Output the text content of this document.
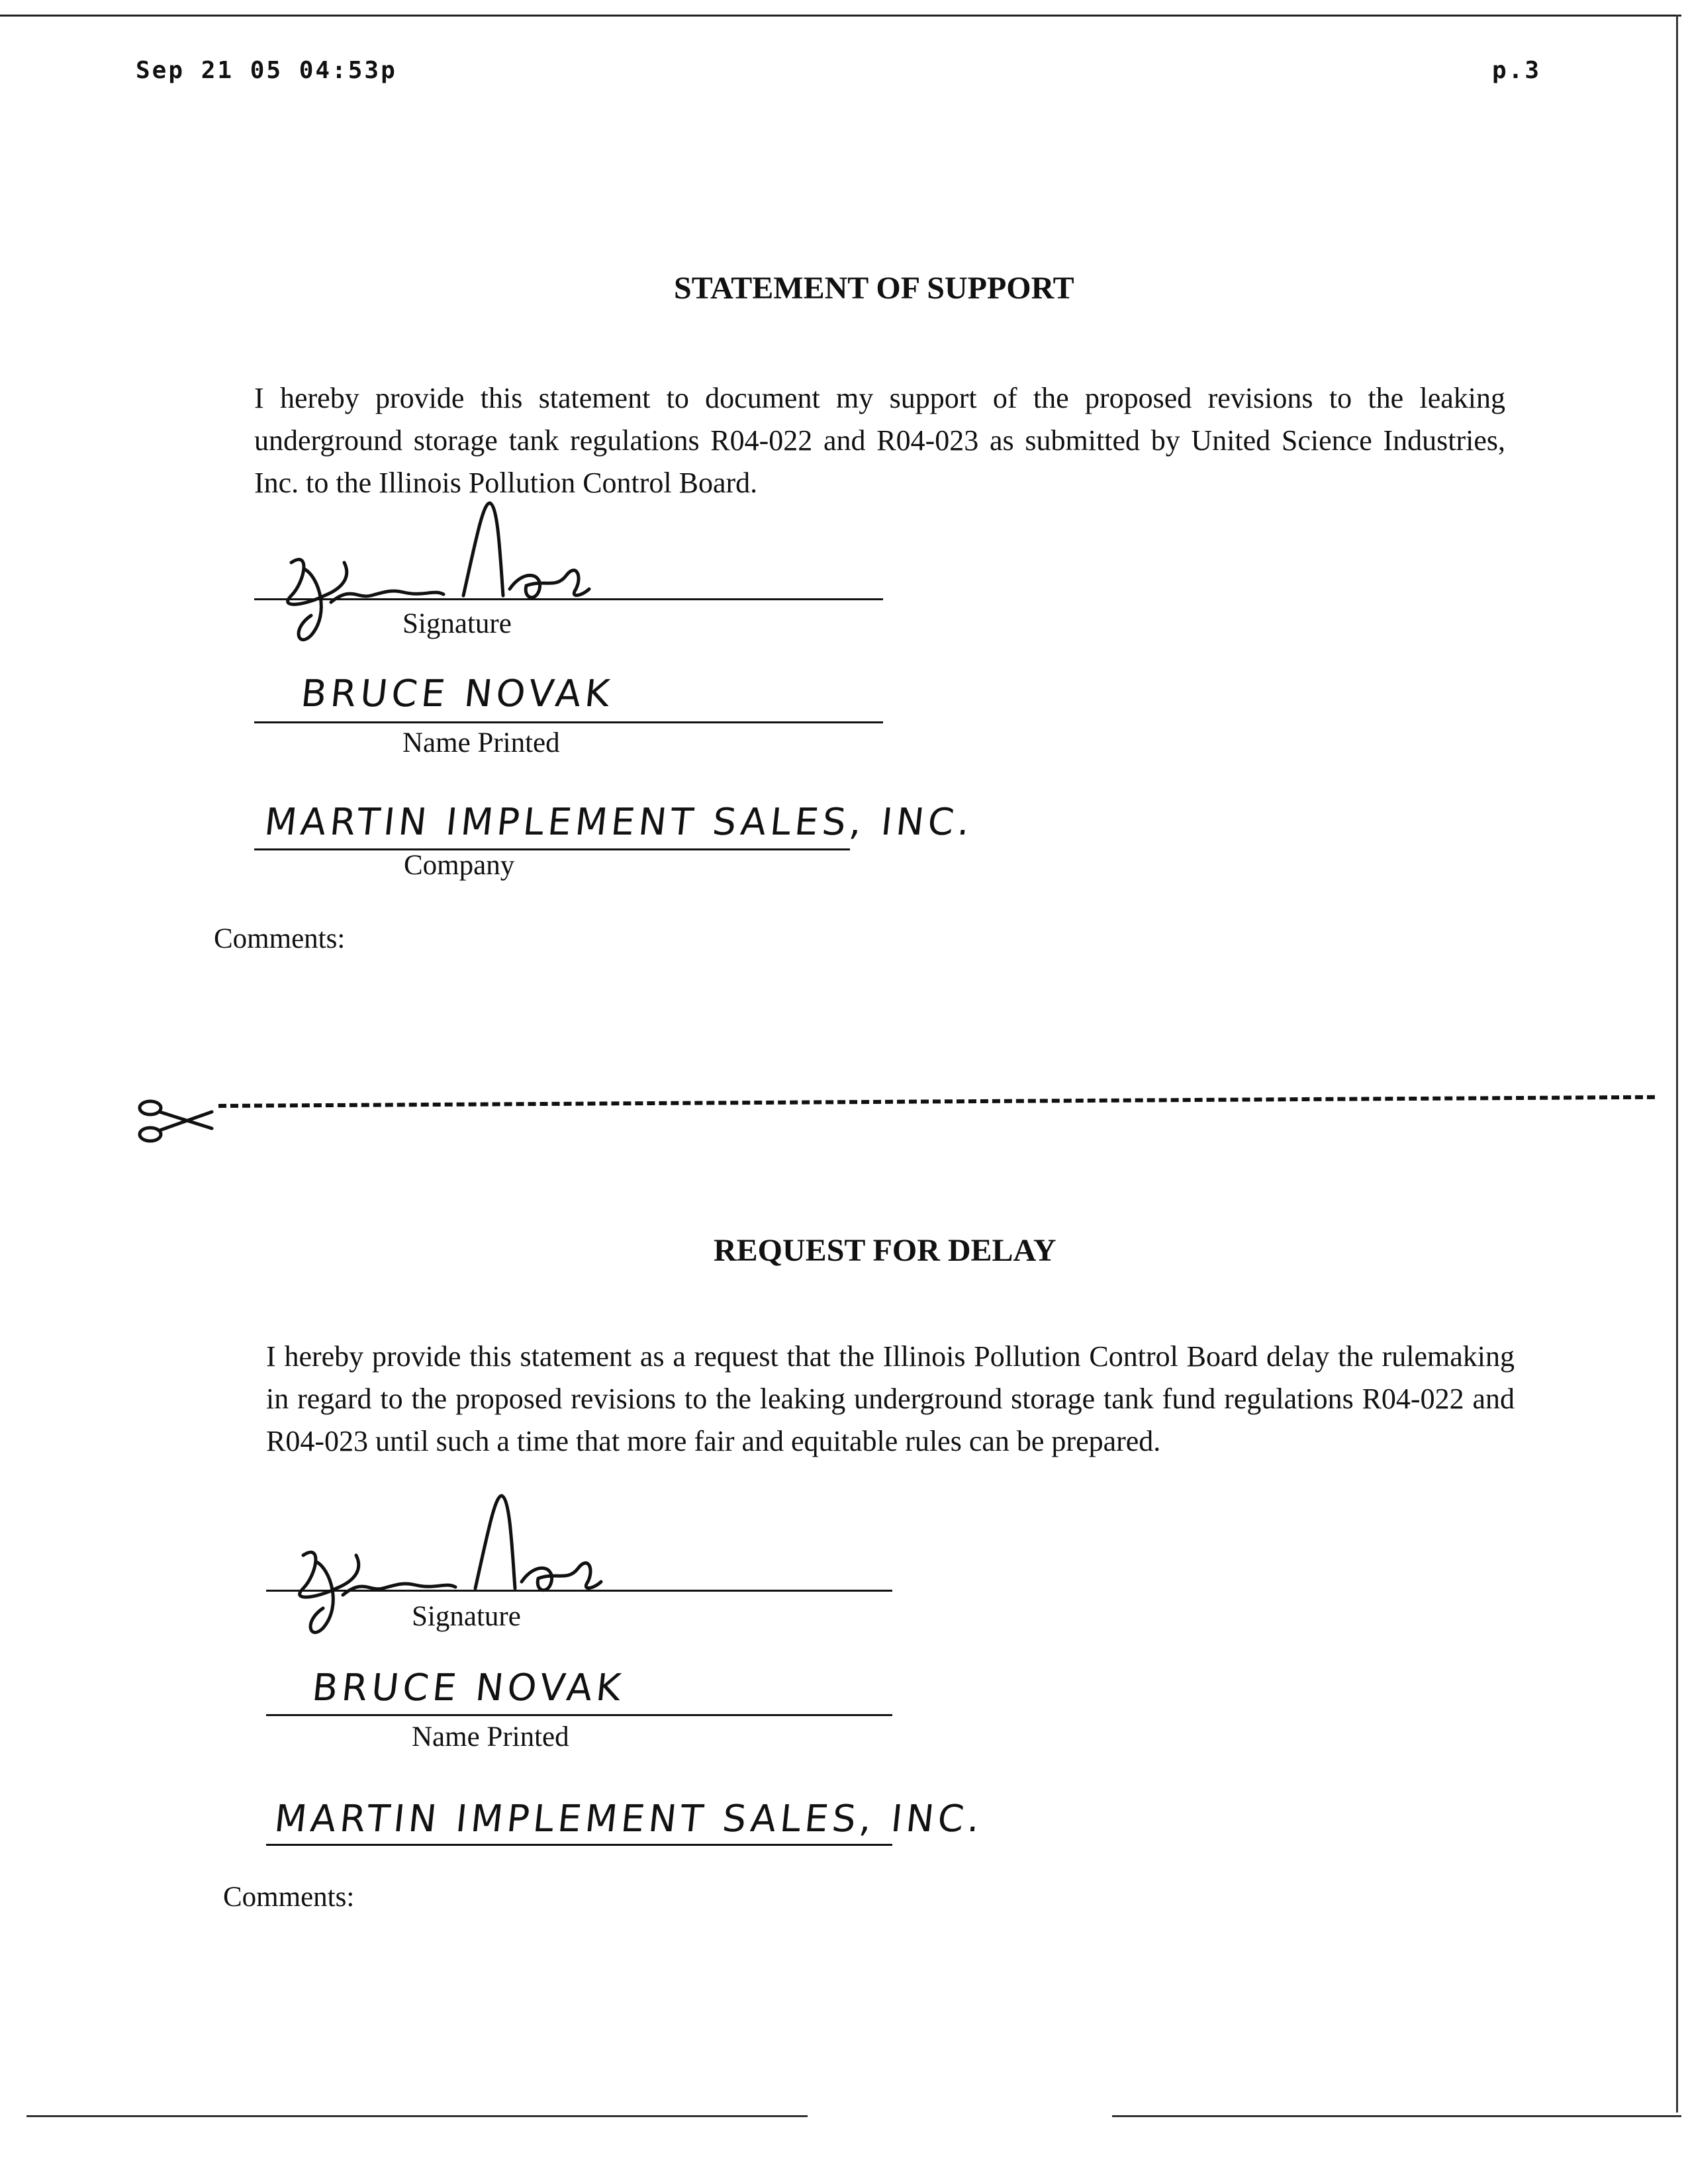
Sep 21 05 04:53p	p.3
STATEMENT OF SUPPORT
I hereby provide this statement to document my support of the proposed revisions to the leaking underground storage tank regulations R04-022 and R04-023 as submitted by United Science Industries, Inc. to the Illinois Pollution Control Board.
Signature
BRUCE NOVAK
Name Printed
MARTIN IMPLEMENT SALES, INC.
Company
Comments:
REQUEST FOR DELAY
I hereby provide this statement as a request that the Illinois Pollution Control Board delay the rulemaking in regard to the proposed revisions to the leaking underground storage tank fund regulations R04-022 and R04-023 until such a time that more fair and equitable rules can be prepared.
Signature
BRUCE NOVAK
Name Printed
MARTIN IMPLEMENT SALES, INC.
Comments:
